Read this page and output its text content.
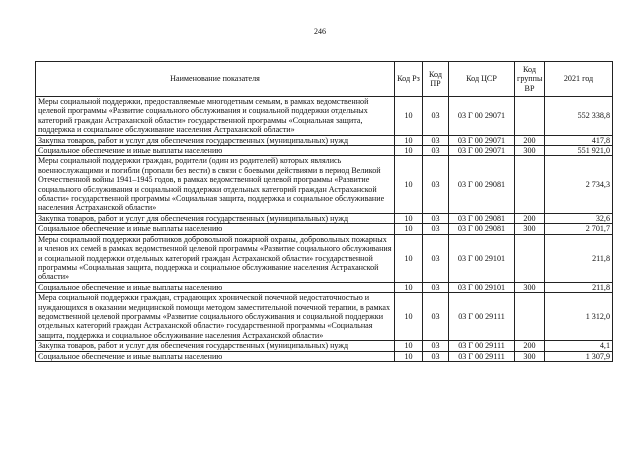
246
Наименование показателя	Код Рз	Код ПР	Код ЦСР	Код группы ВР	2021 год
Меры социальной поддержки, предоставляемые многодетным семьям, в рамках ведомственной целевой программы «Развитие социального обслуживания и социальной поддержки отдельных категорий граждан Астраханской области» государственной программы «Социальная защита, поддержка и социальное обслуживание населения Астраханской области»	10	03	03 Г 00 29071		552 338,8
Закупка товаров, работ и услуг для обеспечения государственных (муниципальных) нужд	10	03	03 Г 00 29071	200	417,8
Социальное обеспечение и иные выплаты населению	10	03	03 Г 00 29071	300	551 921,0
Меры социальной поддержки граждан, родители (один из родителей) которых являлись военнослужащими и погибли (пропали без вести) в связи с боевыми действиями в период Великой Отечественной войны 1941–1945 годов, в рамках ведомственной целевой программы «Развитие социального обслуживания и социальной поддержки отдельных категорий граждан Астраханской области» государственной программы «Социальная защита, поддержка и социальное обслуживание населения Астраханской области»	10	03	03 Г 00 29081		2 734,3
Закупка товаров, работ и услуг для обеспечения государственных (муниципальных) нужд	10	03	03 Г 00 29081	200	32,6
Социальное обеспечение и иные выплаты населению	10	03	03 Г 00 29081	300	2 701,7
Меры социальной поддержки работников добровольной пожарной охраны, добровольных пожарных и членов их семей в рамках ведомственной целевой программы «Развитие социального обслуживания и социальной поддержки отдельных категорий граждан Астраханской области» государственной программы «Социальная защита, поддержка и социальное обслуживание населения Астраханской области»	10	03	03 Г 00 29101		211,8
Социальное обеспечение и иные выплаты населению	10	03	03 Г 00 29101	300	211,8
Мера социальной поддержки граждан, страдающих хронической почечной недостаточностью и нуждающихся в оказании медицинской помощи методом заместительной почечной терапии, в рамках ведомственной целевой программы «Развитие социального обслуживания и социальной поддержки отдельных категорий граждан Астраханской области» государственной программы «Социальная защита, поддержка и социальное обслуживание населения Астраханской области»	10	03	03 Г 00 29111		1 312,0
Закупка товаров, работ и услуг для обеспечения государственных (муниципальных) нужд	10	03	03 Г 00 29111	200	4,1
Социальное обеспечение и иные выплаты населению	10	03	03 Г 00 29111	300	1 307,9
